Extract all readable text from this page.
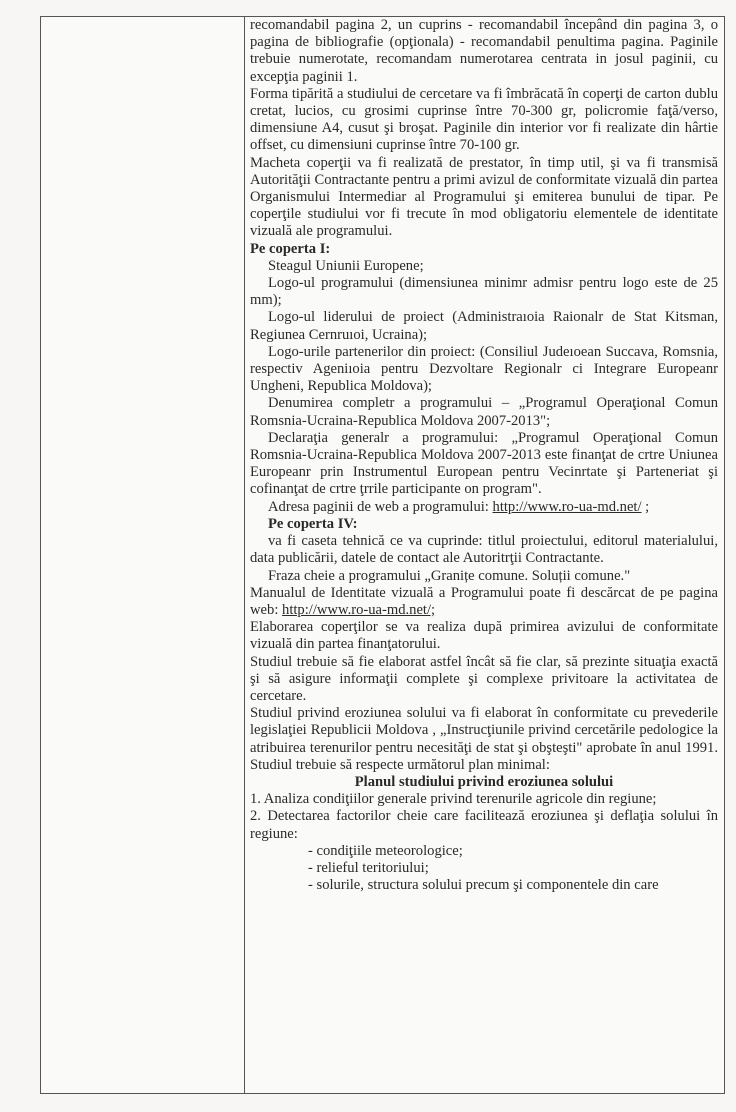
recomandabil pagina 2, un cuprins - recomandabil începând din pagina 3, o pagina de bibliografie (opţionala) - recomandabil penultima pagina. Paginile trebuie numerotate, recomandam numerotarea centrata in josul paginii, cu excepţia paginii 1.

Forma tipărită a studiului de cercetare va fi îmbrăcată în coperţi de carton dublu cretat, lucios, cu grosimi cuprinse între 70-300 gr, policromie faţă/verso, dimensiune A4, cusut şi broşat. Paginile din interior vor fi realizate din hârtie offset, cu dimensiuni cuprinse între 70-100 gr.

Macheta coperţii va fi realizată de prestator, în timp util, şi va fi transmisă Autorităţii Contractante pentru a primi avizul de conformitate vizuală din partea Organismului Intermediar al Programului şi emiterea bunului de tipar. Pe coperţile studiului vor fi trecute în mod obligatoriu elementele de identitate vizuală ale programului.

Pe coperta I:

Steagul Uniunii Europene;

Logo-ul programului (dimensiunea minimr admisr pentru logo este de 25 mm);

Logo-ul liderului de proiect (Administraıoia Raionalr de Stat Kitsman, Regiunea Cernruıoi, Ucraina);

Logo-urile partenerilor din proiect: (Consiliul Judeıoean Succava, Romsnia, respectiv Ageniıoia pentru Dezvoltare Regionalr ci Integrare Europeanr Ungheni, Republica Moldova);

Denumirea completr a programului – „Programul Operaţional Comun Romsnia-Ucraina-Republica Moldova 2007-2013";

Declaraţia generalr a programului: „Programul Operaţional Comun Romsnia-Ucraina-Republica Moldova 2007-2013 este finanţat de crtre Uniunea Europeanr prin Instrumentul European pentru Vecinrtate şi Parteneriat şi cofinanţat de crtre ţrrile participante on program".

Adresa paginii de web a programului: http://www.ro-ua-md.net/ ;

Pe coperta IV:

va fi caseta tehnică ce va cuprinde: titlul proiectului, editorul materialului, data publicării, datele de contact ale Autoritrţii Contractante.

Fraza cheie a programului „Granițe comune. Soluții comune."

Manualul de Identitate vizuală a Programului poate fi descărcat de pe pagina web: http://www.ro-ua-md.net/;

Elaborarea coperţilor se va realiza după primirea avizului de conformitate vizuală din partea finanţatorului.

Studiul trebuie să fie elaborat astfel încât să fie clar, să prezinte situaţia exactă şi să asigure informaţii complete şi complexe privitoare la activitatea de cercetare.

Studiul privind eroziunea solului va fi elaborat în conformitate cu prevederile legislaţiei Republicii Moldova , „Instrucţiunile privind cercetările pedologice la atribuirea terenurilor pentru necesităţi de stat şi obşteşti" aprobate în anul 1991. Studiul trebuie să respecte următorul plan minimal:

Planul studiului privind eroziunea solului

1. Analiza condiţiilor generale privind terenurile agricole din regiune;

2. Detectarea factorilor cheie care facilitează eroziunea şi deflaţia solului în regiune:

- condiţiile meteorologice;

- relieful teritoriului;

- solurile, structura solului precum şi componentele din care
